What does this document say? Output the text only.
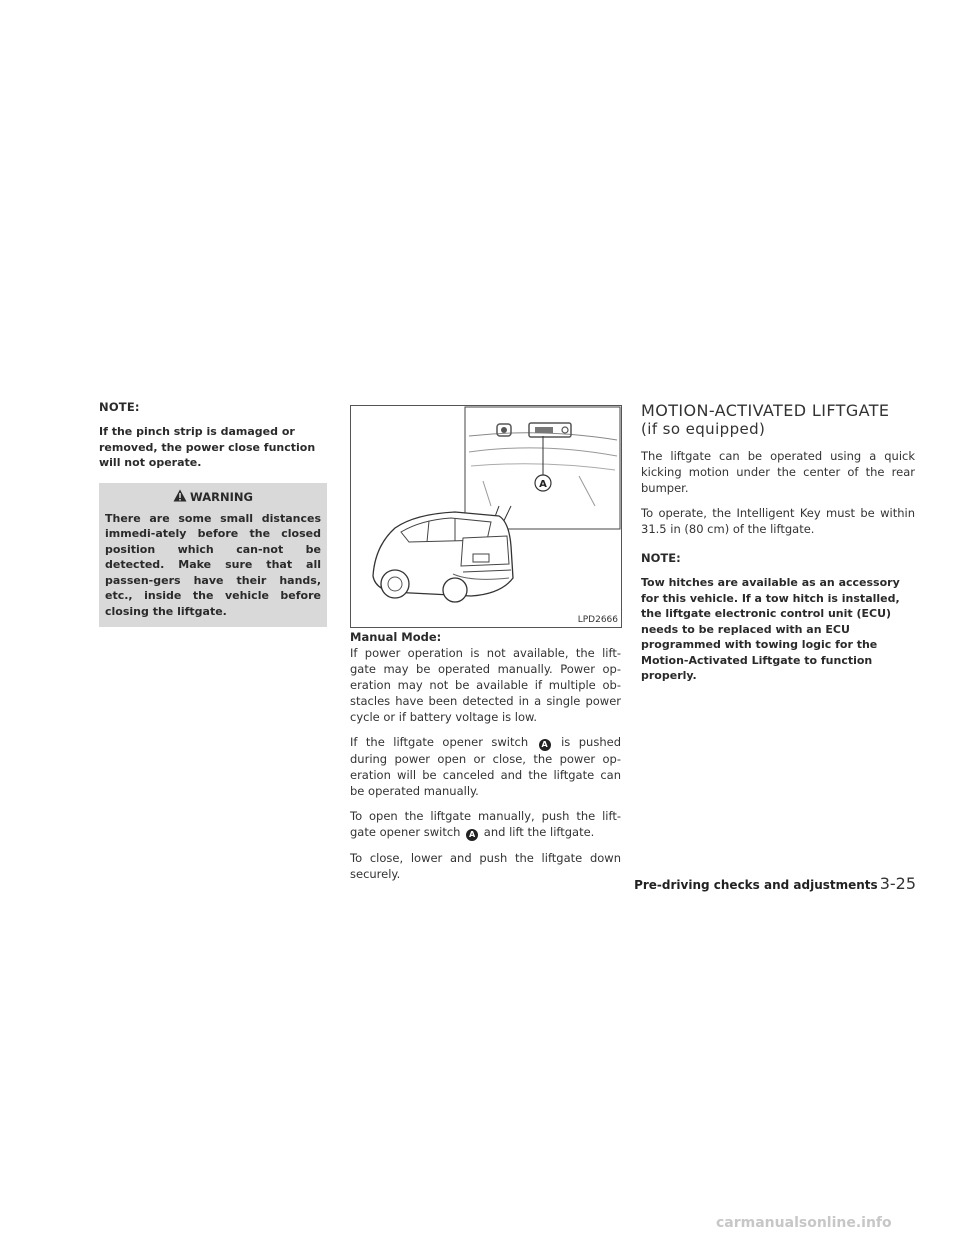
NOTE:

If the pinch strip is damaged or removed, the power close function will not operate.

WARNING
There are some small distances immedi-ately before the closed position which can-not be detected. Make sure that all passen-gers have their hands, etc., inside the vehicle before closing the liftgate.
A
LPD2666

Manual Mode:

If power operation is not available, the lift-gate may be operated manually. Power op-eration may not be available if multiple ob-stacles have been detected in a single power cycle or if battery voltage is low.

If the liftgate opener switch A is pushed during power open or close, the power op-eration will be canceled and the liftgate can be operated manually.

To open the liftgate manually, push the lift-gate opener switch A and lift the liftgate.

To close, lower and push the liftgate down securely.

MOTION-ACTIVATED LIFTGATE
(if so equipped)

The liftgate can be operated using a quick kicking motion under the center of the rear bumper.

To operate, the Intelligent Key must be within 31.5 in (80 cm) of the liftgate.

NOTE:

Tow hitches are available as an accessory for this vehicle. If a tow hitch is installed, the liftgate electronic control unit (ECU) needs to be replaced with an ECU programmed with towing logic for the Motion-Activated Liftgate to function properly.

Pre-driving checks and adjustments 3-25
carmanualsonline.info
